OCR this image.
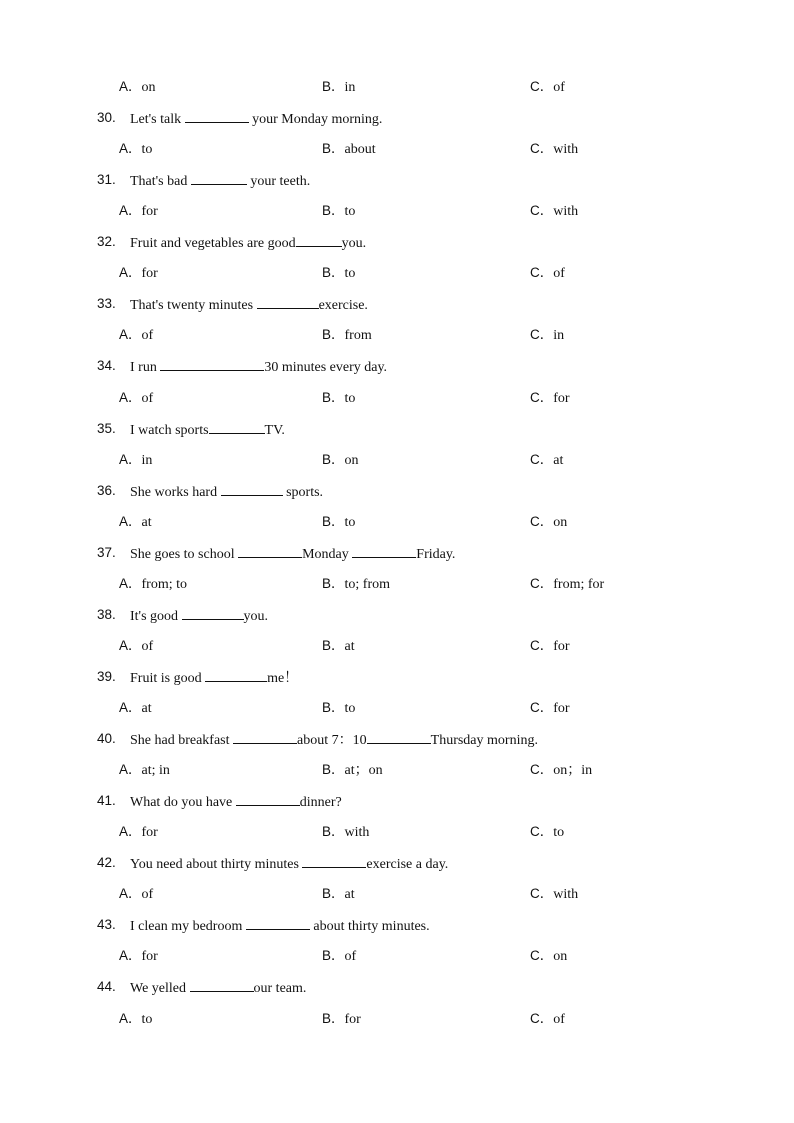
A．on	B．in	C．of
30. Let's talk	your Monday morning.
A．to	B．about	C．with
31. That's bad	your teeth.
A．for	B．to	C．with
32. Fruit and vegetables are good	you.
A．for	B．to	C．of
33. That's twenty minutes	exercise.
A．of	B．from	C．in
34. I run	30 minutes every day.
A．of	B．to	C．for
35. I watch sports	TV.
A．in	B．on	C．at
36. She works hard	sports.
A．at	B．to	C．on
37. She goes to school	Monday	Friday.
A．from; to	B．to; from	C．from; for
38. It's good	you.
A．of	B．at	C．for
39. Fruit is good	me！
A．at	B．to	C．for
40. She had breakfast	about 7：10	Thursday morning.
A．at; in	B．at；on	C．on；in
41. What do you have	dinner?
A．for	B．with	C．to
42. You need about thirty minutes	exercise a day.
A．of	B．at	C．with
43. I clean my bedroom	about thirty minutes.
A．for	B．of	C．on
44. We yelled	our team.
A．to	B．for	C．of
